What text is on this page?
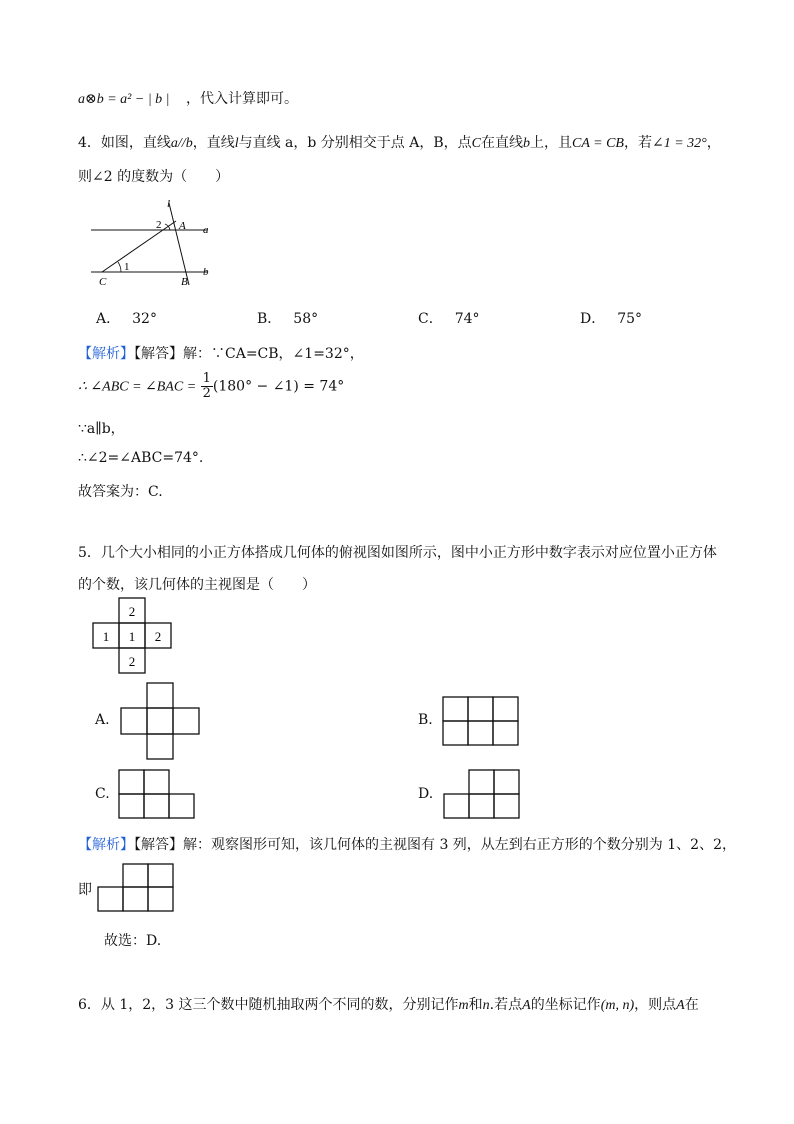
a⊗b = a² − | b | ，代入计算即可。
4．如图，直线a//b，直线l与直线 a，b 分别相交于点 A，B，点C在直线b上，且CA = CB，若∠1 = 32°，
则∠2 的度数为（　　）
l
2 A a
1	b
C	B
A． 32°	B． 58°	C． 74°	D． 75°
【解析】【解答】解：∵CA=CB，∠1=32°，
∴ ∠ABC = ∠BAC = $\frac{1}{2} (180^\circ$ − ∠1) = 74°
∵a∥b，
∴∠2=∠ABC=74°.
故答案为：C.
5．几个大小相同的小正方体搭成几何体的俯视图如图所示，图中小正方形中数字表示对应位置小正方体
的个数，该几何体的主视图是（　　）
2
1 1 2
2
A.	B.
C.	D.
【解析】【解答】解：观察图形可知，该几何体的主视图有 3 列，从左到右正方形的个数分别为 1、2、2，
即
故选：D.
6．从 1，2，3 这三个数中随机抽取两个不同的数，分别记作m和n.若点A的坐标记作(m, n)，则点A在
